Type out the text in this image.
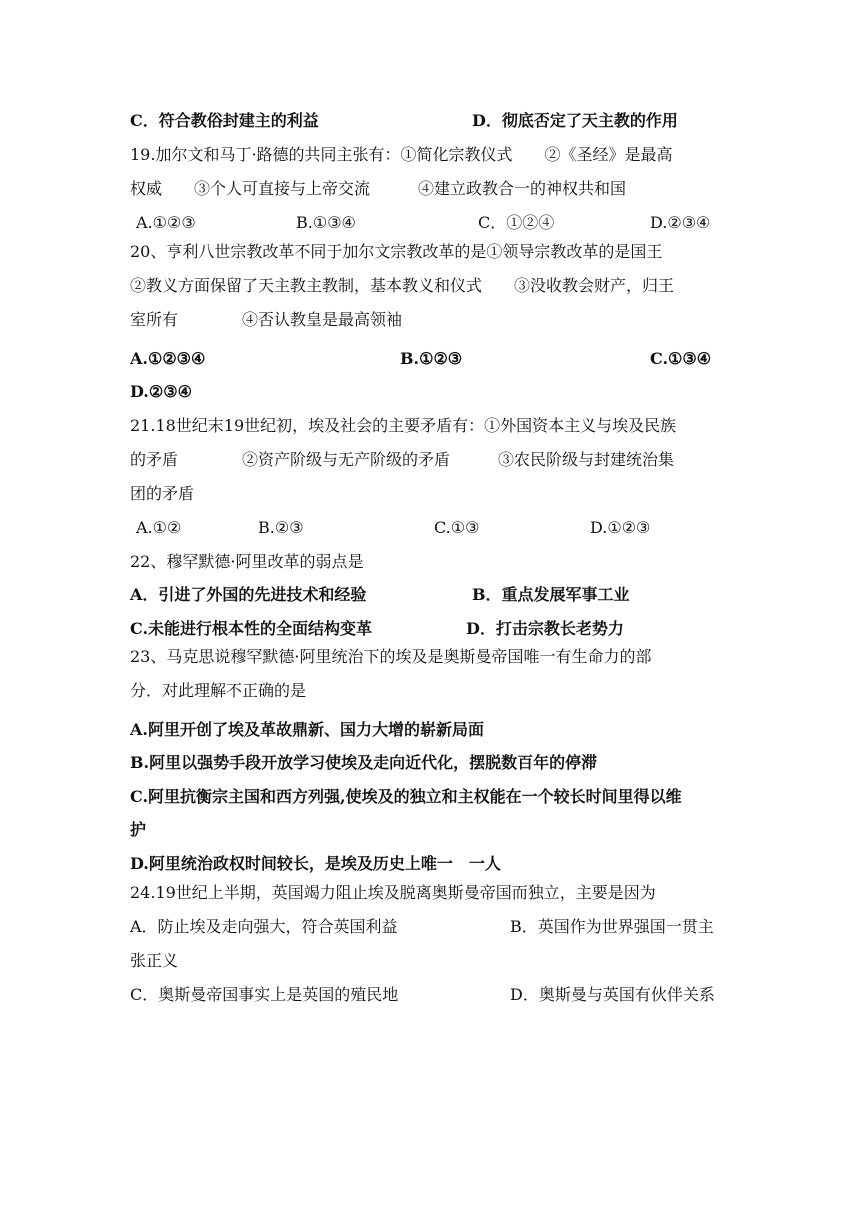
C．符合教俗封建主的利益	D．彻底否定了天主教的作用
19.加尔文和马丁·路德的共同主张有：①简化宗教仪式　　②《圣经》是最高
权威　　③个人可直接与上帝交流　　　④建立政教合一的神权共和国
A.①②③	B.①③④	C．①②④	D.②③④
20、亨利八世宗教改革不同于加尔文宗教改革的是①领导宗教改革的是国王
②教义方面保留了天主教主教制，基本教义和仪式　　③没收教会财产，归王
室所有　　　　④否认教皇是最高领袖
A.①②③④	B.①②③	C.①③④
D.②③④
21.18世纪末19世纪初，埃及社会的主要矛盾有：①外国资本主义与埃及民族
的矛盾　　　　②资产阶级与无产阶级的矛盾　　　③农民阶级与封建统治集
团的矛盾
A.①②	B.②③	C.①③	D.①②③
22、穆罕默德·阿里改革的弱点是
A．引进了外国的先进技术和经验	B．重点发展军事工业
C.未能进行根本性的全面结构变革	D．打击宗教长老势力
23、马克思说穆罕默德·阿里统治下的埃及是奥斯曼帝国唯一有生命力的部
分．对此理解不正确的是
A.阿里开创了埃及革故鼎新、国力大增的崭新局面
B.阿里以强势手段开放学习使埃及走向近代化，摆脱数百年的停滞
C.阿里抗衡宗主国和西方列强,使埃及的独立和主权能在一个较长时间里得以维
护
D.阿里统治政权时间较长，是埃及历史上唯一　一人
24.19世纪上半期，英国竭力阻止埃及脱离奥斯曼帝国而独立，主要是因为
A．防止埃及走向强大，符合英国利益	B．英国作为世界强国一贯主
张正义
C．奥斯曼帝国事实上是英国的殖民地	D．奥斯曼与英国有伙伴关系
